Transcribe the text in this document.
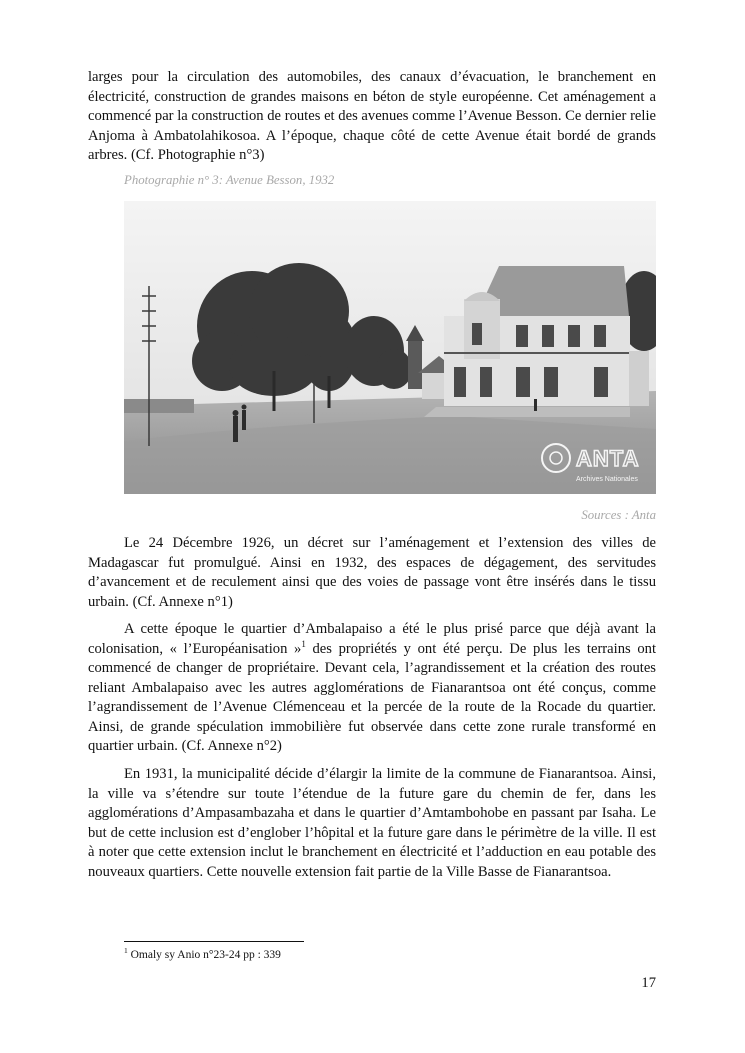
larges pour la circulation des automobiles, des canaux d’évacuation, le branchement en électricité, construction de grandes maisons en béton de style européenne. Cet aménagement a commencé par la construction de routes et des avenues comme l’Avenue Besson. Ce dernier relie Anjoma à Ambatolahikosoa. A l’époque, chaque côté de cette Avenue était bordé de grands arbres. (Cf. Photographie n°3)

Photographie n° 3: Avenue Besson, 1932

ANTA
Archives Nationales

Sources : Anta

Le 24 Décembre 1926, un décret sur l’aménagement et l’extension des villes de Madagascar fut promulgué. Ainsi en 1932, des espaces de dégagement, des servitudes d’avancement et de reculement ainsi que des voies de passage vont être insérés dans le tissu urbain. (Cf. Annexe n°1)

A cette époque le quartier d’Ambalapaiso a été le plus prisé parce que déjà avant la colonisation, « l’Européanisation »$^1$ des propriétés y ont été perçu. De plus les terrains ont commencé de changer de propriétaire. Devant cela, l’agrandissement et la création des routes reliant Ambalapaiso avec les autres agglomérations de Fianarantsoa ont été conçus, comme l’agrandissement de l’Avenue Clémenceau et la percée de la route de la Rocade du quartier. Ainsi, de grande spéculation immobilière fut observée dans cette zone rurale transformé en quartier urbain. (Cf. Annexe n°2)

En 1931, la municipalité décide d’élargir la limite de la commune de Fianarantsoa. Ainsi, la ville va s’étendre sur toute l’étendue de la future gare du chemin de fer, dans les agglomérations d’Ampasambazaha et dans le quartier d’Amtambohobe en passant par Isaha. Le but de cette inclusion est d’englober l’hôpital et la future gare dans le périmètre de la ville. Il est à noter que cette extension inclut le branchement en électricité et l’adduction en eau potable des nouveaux quartiers. Cette nouvelle extension fait partie de la Ville Basse de Fianarantsoa.

$^1$ Omaly sy Anio n°23-24 pp : 339

17
